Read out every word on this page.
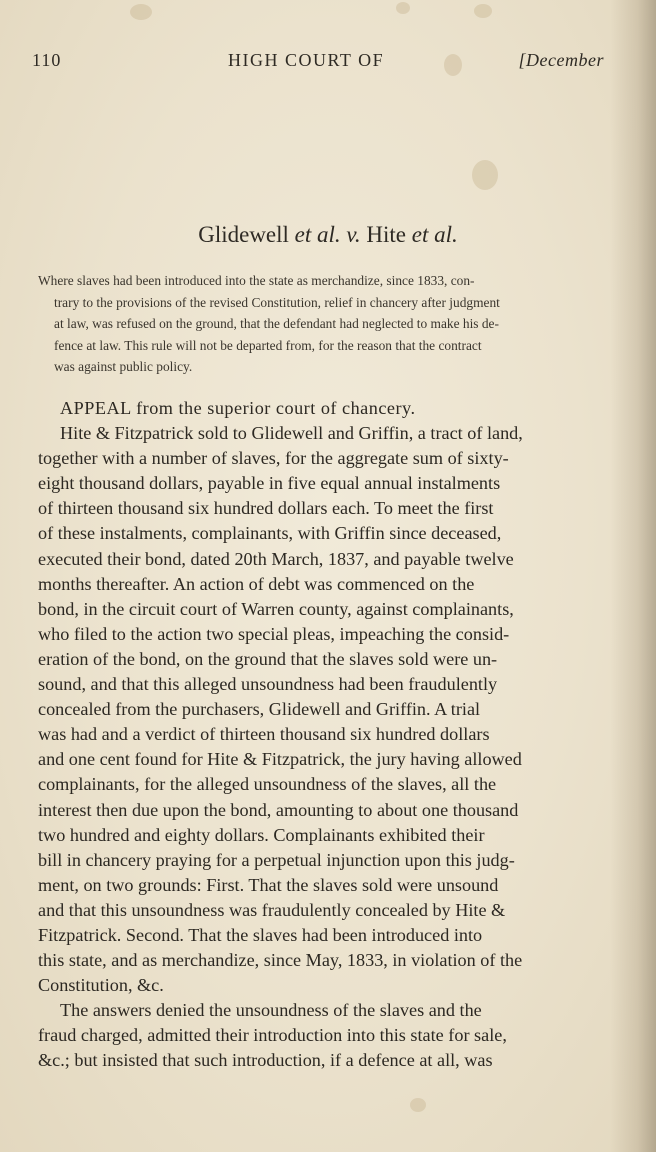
110	HIGH COURT OF	[December
Glidewell et al. v. Hite et al.
Where slaves had been introduced into the state as merchandize, since 1833, con-
trary to the provisions of the revised Constitution, relief in chancery after judgment
at law, was refused on the ground, that the defendant had neglected to make his de-
fence at law. This rule will not be departed from, for the reason that the contract
was against public policy.
APPEAL from the superior court of chancery.
Hite & Fitzpatrick sold to Glidewell and Griffin, a tract of land,
together with a number of slaves, for the aggregate sum of sixty-
eight thousand dollars, payable in five equal annual instalments
of thirteen thousand six hundred dollars each. To meet the first
of these instalments, complainants, with Griffin since deceased,
executed their bond, dated 20th March, 1837, and payable twelve
months thereafter. An action of debt was commenced on the
bond, in the circuit court of Warren county, against complainants,
who filed to the action two special pleas, impeaching the consid-
eration of the bond, on the ground that the slaves sold were un-
sound, and that this alleged unsoundness had been fraudulently
concealed from the purchasers, Glidewell and Griffin. A trial
was had and a verdict of thirteen thousand six hundred dollars
and one cent found for Hite & Fitzpatrick, the jury having allowed
complainants, for the alleged unsoundness of the slaves, all the
interest then due upon the bond, amounting to about one thousand
two hundred and eighty dollars. Complainants exhibited their
bill in chancery praying for a perpetual injunction upon this judg-
ment, on two grounds: First. That the slaves sold were unsound
and that this unsoundness was fraudulently concealed by Hite &
Fitzpatrick. Second. That the slaves had been introduced into
this state, and as merchandize, since May, 1833, in violation of the
Constitution, &c.
The answers denied the unsoundness of the slaves and the
fraud charged, admitted their introduction into this state for sale,
&c.; but insisted that such introduction, if a defence at all, was
